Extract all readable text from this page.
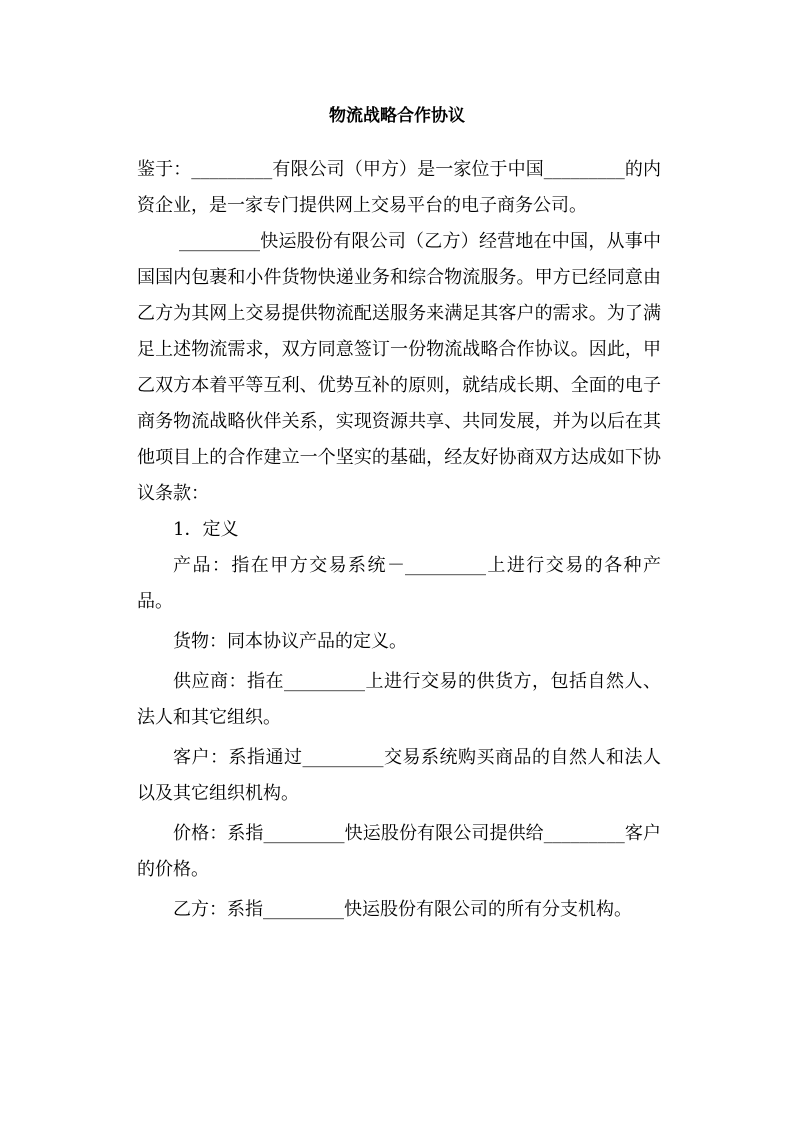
物流战略合作协议

鉴于：_________有限公司（甲方）是一家位于中国_________的内资企业，是一家专门提供网上交易平台的电子商务公司。

_________快运股份有限公司（乙方）经营地在中国，从事中国国内包裹和小件货物快递业务和综合物流服务。甲方已经同意由乙方为其网上交易提供物流配送服务来满足其客户的需求。为了满足上述物流需求，双方同意签订一份物流战略合作协议。因此，甲乙双方本着平等互利、优势互补的原则，就结成长期、全面的电子商务物流战略伙伴关系，实现资源共享、共同发展，并为以后在其他项目上的合作建立一个坚实的基础，经友好协商双方达成如下协议条款：

1．定义

产品：指在甲方交易系统－_________上进行交易的各种产品。

货物：同本协议产品的定义。

供应商：指在_________上进行交易的供货方，包括自然人、法人和其它组织。

客户：系指通过_________交易系统购买商品的自然人和法人以及其它组织机构。

价格：系指_________快运股份有限公司提供给_________客户的价格。

乙方：系指_________快运股份有限公司的所有分支机构。
